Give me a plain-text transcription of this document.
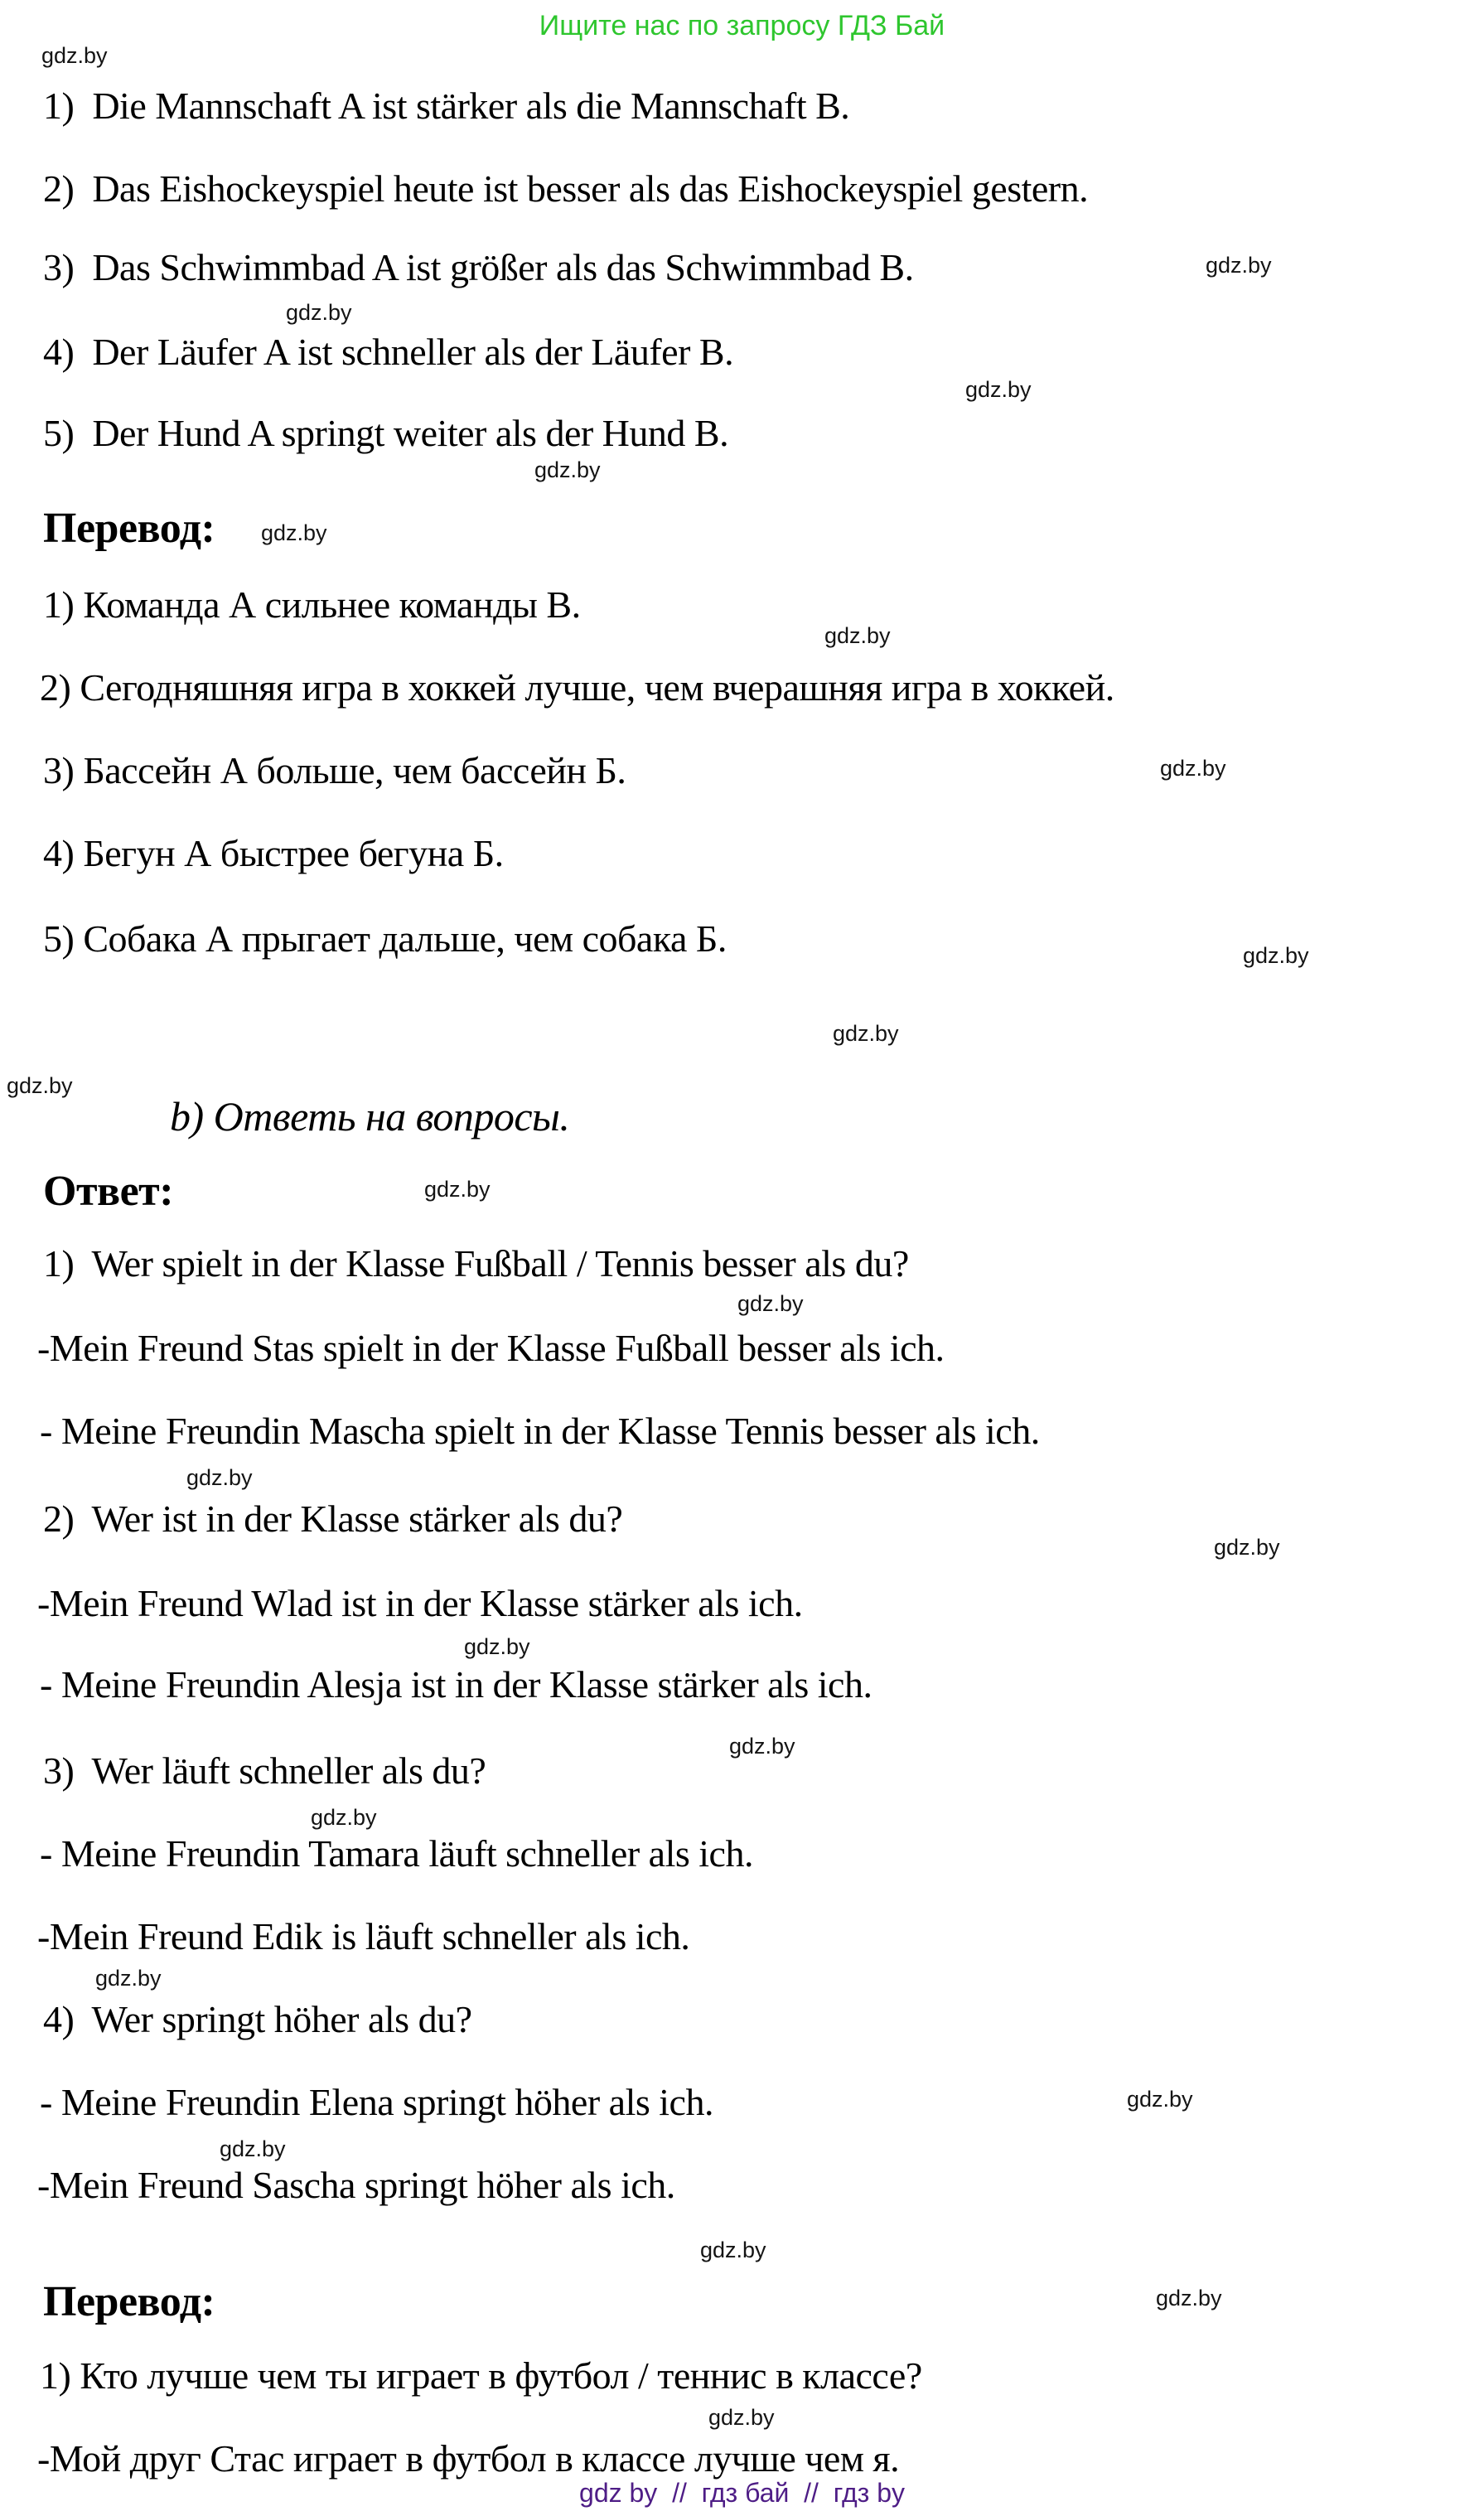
Ищите нас по запросу ГДЗ Бай
gdz.by
gdz.by
gdz.by
gdz.by
gdz.by
gdz.by
gdz.by
gdz.by
gdz.by
gdz.by
gdz.by
gdz.by
gdz.by
gdz.by
gdz.by
gdz.by
gdz.by
gdz.by
gdz.by
gdz.by
gdz.by
gdz.by
gdz.by
gdz.by
1)  Die Mannschaft A ist stärker als die Mannschaft B.
2)  Das Eishockeyspiel heute ist besser als das Eishockeyspiel gestern.
3)  Das Schwimmbad A ist größer als das Schwimmbad B.
4)  Der Läufer A ist schneller als der Läufer B.
5)  Der Hund A springt weiter als der Hund B.
Перевод:
1) Команда А сильнее команды В.
2) Сегодняшняя игра в хоккей лучше, чем вчерашняя игра в хоккей.
3) Бассейн А больше, чем бассейн Б.
4) Бегун А быстрее бегуна Б.
5) Собака А прыгает дальше, чем собака Б.
b) Ответь на вопросы.
Ответ:
1)  Wer spielt in der Klasse Fußball / Tennis besser als du?
-Mein Freund Stas spielt in der Klasse Fußball besser als ich.
- Meine Freundin Mascha spielt in der Klasse Tennis besser als ich.
2)  Wer ist in der Klasse stärker als du?
-Mein Freund Wlad ist in der Klasse stärker als ich.
- Meine Freundin Alesja ist in der Klasse stärker als ich.
3)  Wer läuft schneller als du?
- Meine Freundin Tamara läuft schneller als ich.
-Mein Freund Edik is läuft schneller als ich.
4)  Wer springt höher als du?
- Meine Freundin Elena springt höher als ich.
-Mein Freund Sascha springt höher als ich.
Перевод:
1) Кто лучше чем ты играет в футбол / теннис в классе?
-Мой друг Стас играет в футбол в классе лучше чем я.
gdz by  //  гдз бай  //  гдз by
